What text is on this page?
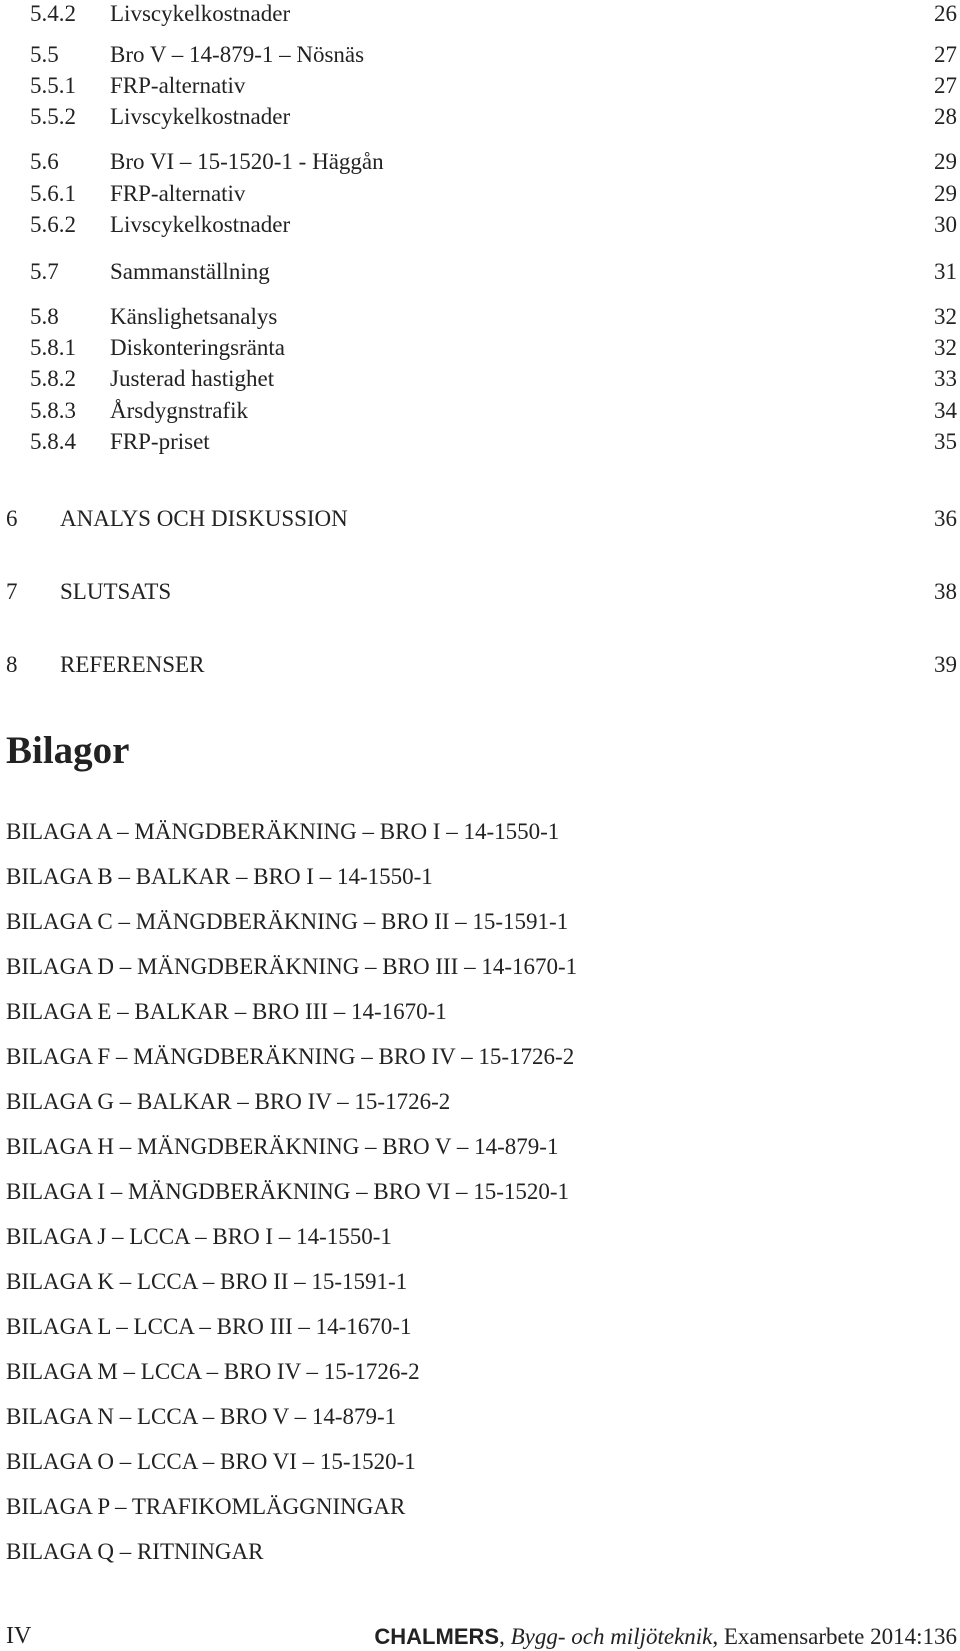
5.4.2 Livscykelkostnader	26
5.5 Bro V – 14-879-1 – Nösnäs	27
5.5.1 FRP-alternativ	27
5.5.2 Livscykelkostnader	28
5.6 Bro VI – 15-1520-1 - Häggån	29
5.6.1 FRP-alternativ	29
5.6.2 Livscykelkostnader	30
5.7 Sammanställning	31
5.8 Känslighetsanalys	32
5.8.1 Diskonteringsränta	32
5.8.2 Justerad hastighet	33
5.8.3 Årsdygnstrafik	34
5.8.4 FRP-priset	35
6 ANALYS OCH DISKUSSION	36
7 SLUTSATS	38
8 REFERENSER	39
Bilagor
BILAGA A – MÄNGDBERÄKNING – BRO I – 14-1550-1
BILAGA B – BALKAR – BRO I – 14-1550-1
BILAGA C – MÄNGDBERÄKNING – BRO II – 15-1591-1
BILAGA D – MÄNGDBERÄKNING – BRO III – 14-1670-1
BILAGA E – BALKAR – BRO III – 14-1670-1
BILAGA F – MÄNGDBERÄKNING – BRO IV – 15-1726-2
BILAGA G – BALKAR – BRO IV – 15-1726-2
BILAGA H – MÄNGDBERÄKNING – BRO V – 14-879-1
BILAGA I – MÄNGDBERÄKNING – BRO VI – 15-1520-1
BILAGA J – LCCA – BRO I – 14-1550-1
BILAGA K – LCCA – BRO II – 15-1591-1
BILAGA L – LCCA – BRO III – 14-1670-1
BILAGA M – LCCA – BRO IV – 15-1726-2
BILAGA N – LCCA – BRO V – 14-879-1
BILAGA O – LCCA – BRO VI – 15-1520-1
BILAGA P – TRAFIKOMLÄGGNINGAR
BILAGA Q – RITNINGAR
IV	CHALMERS, Bygg- och miljöteknik, Examensarbete 2014:136
